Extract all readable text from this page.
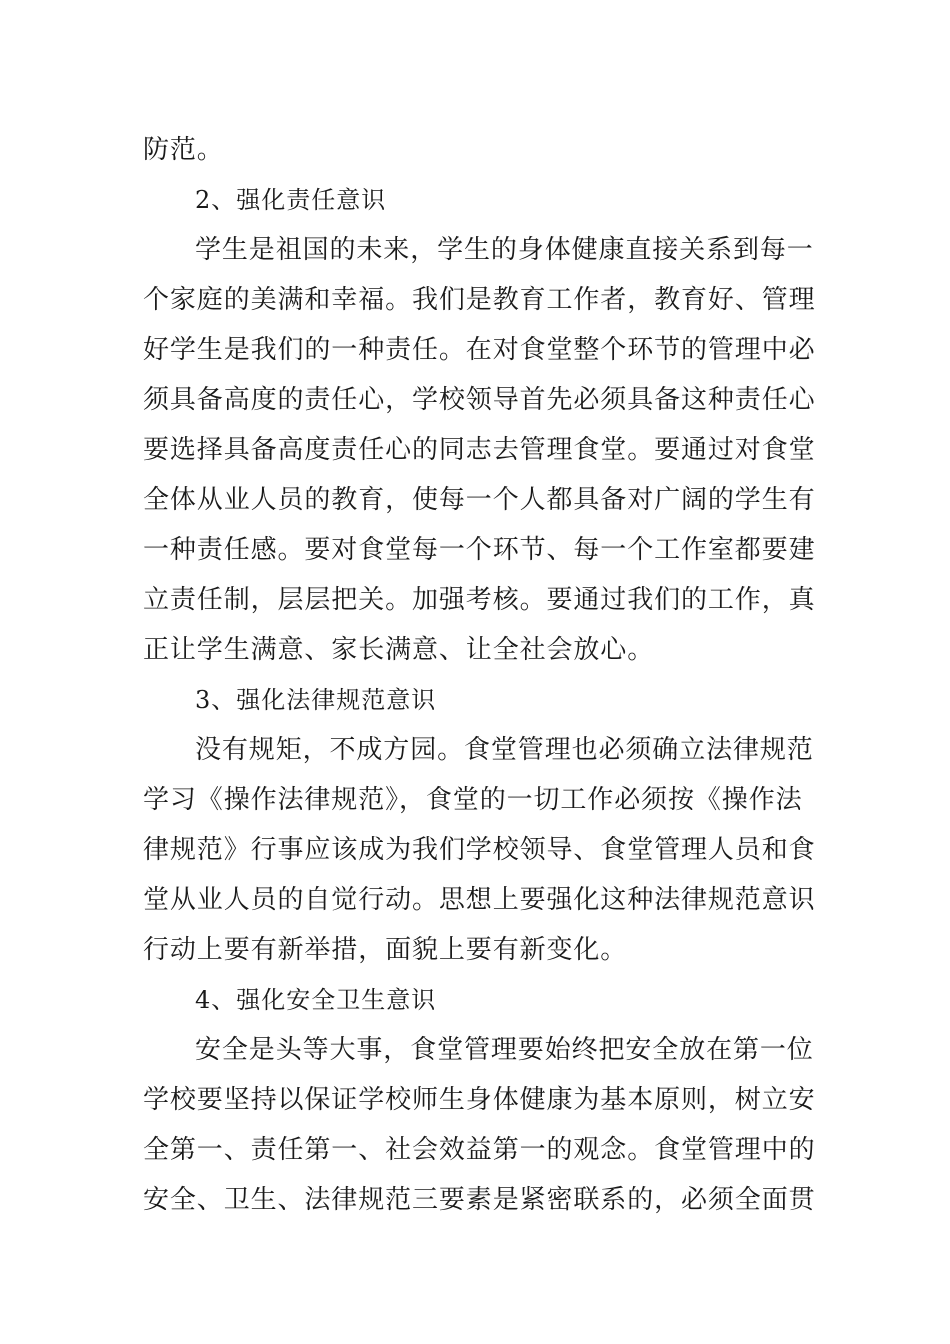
防范。
2、强化责任意识
学生是祖国的未来，学生的身体健康直接关系到每一
个家庭的美满和幸福。我们是教育工作者，教育好、管理
好学生是我们的一种责任。在对食堂整个环节的管理中必
须具备高度的责任心，学校领导首先必须具备这种责任心
要选择具备高度责任心的同志去管理食堂。要通过对食堂
全体从业人员的教育，使每一个人都具备对广阔的学生有
一种责任感。要对食堂每一个环节、每一个工作室都要建
立责任制，层层把关。加强考核。要通过我们的工作，真
正让学生满意、家长满意、让全社会放心。
3、强化法律规范意识
没有规矩，不成方园。食堂管理也必须确立法律规范
学习《操作法律规范》，食堂的一切工作必须按《操作法
律规范》行事应该成为我们学校领导、食堂管理人员和食
堂从业人员的自觉行动。思想上要强化这种法律规范意识
行动上要有新举措，面貌上要有新变化。
4、强化安全卫生意识
安全是头等大事，食堂管理要始终把安全放在第一位
学校要坚持以保证学校师生身体健康为基本原则，树立安
全第一、责任第一、社会效益第一的观念。食堂管理中的
安全、卫生、法律规范三要素是紧密联系的，必须全面贯
